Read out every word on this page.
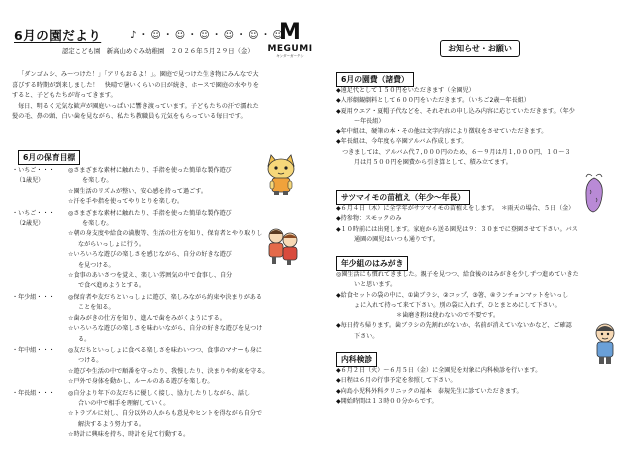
6月の園だより	♪・☺・☺・☺・☺・☺・☺
認定こども園　新高山めぐみ幼稚園　２０２６年５月２９日（金）
M
MEGUMI
キンダーガーテン

「ダンゴムシ、み～つけた！」「アリもおるよ！」。園庭で見つけた生き物にみんなで大

喜びする時期が到来しました！　快晴で暑いくらいの日が続き、ホースで園庭の水やりを

すると、子どもたちが寄ってきます。

毎日、明るく元気な歓声が園庭いっぱいに響き渡っています。子どもたちの汗で濡れた

髪の毛、鼻の頭、白い歯を見ながら、私たち教職員も元気をもらっている毎日です。

6月の保育目標
・いちご・・・	◎さまざまな素材に触れたり、手指を使った簡単な製作遊び
（1歳児）	を楽しむ。
☆園生活のリズムが整い、安心感を持って過ごす。
☆汗を手や指を使ってやりとりを楽しむ。
・いちご・・・	◎さまざまな素材に触れたり、手指を使った簡単な製作遊び
（2歳児）	を楽しむ。
☆朝の身支度や給食の満腹等、生活の仕方を知り、保育者とやり取りし
ながらいっしょに行う。
☆いろいろな遊びの楽しさを感じながら、自分の好きな遊び
を見つける。
☆食事のあいさつを覚え、楽しい雰囲気の中で食事し、自分
で食べ進めようとする。
・年少組・・・	◎保育者や友だちといっしょに遊び、楽しみながら約束や決まりがある
ことを知る。
☆歯みがきの仕方を知り、進んで歯をみがくようにする。
☆いろいろな遊びの楽しさを味わいながら、自分の好きな遊びを見つけ
る。
・年中組・・・	◎友だちといっしょに食べる楽しさを味わいつつ、食事のマナーも身に
つける。
☆遊びや生活の中で順番を守ったり、我慢したり、決まりや約束を守る。
☆戸外で身体を動かし、ルールのある遊びを楽しむ。
・年長組・・・	◎自分より年下の友だちに優しく接し、協力したりしながら、話し
合いの中で相手を理解していく。
☆トラブルに対し、自分以外の人からも意見やヒントを得ながら自分で
解決するよう努力する。
☆時計に興味を持ち、時計を見て行動する。
お知らせ・お願い
6月の園費（諸費）

◆遠足代として１５０円をいただきます（全園児）

◆人形劇観劇料として６００円をいただきます。（いちご2歳～年長組）

◆夏用ウエア・夏帽子代などを、それぞれの申し込み内容に応じていただきます。（年少

～年長組）

◆年中組は、硬筆の本・その他は文字内容により徴収をさせていただきます。

◆年長組は、今年度も卒園アルバム作成します。

　つきましては、アルバム代７,０００円のため、６～９月は月１,０００円、１０～３

月は月５００円を園費から引き算として、積み立てます。

サツマイモの苗植え（年少～年長）

◆６月４日（木）に全学年がサツマイモの苗植えをします。　＊雨天の場合、５日（金）

◆持参物：スモックのみ

◆１０時前には出発します。家庭から送る園児は９：３０までに登園させて下さい。バス

通園の園児はいつも通りです。

年少組のはみがき

◎園生活にも慣れてきました。親子を見つつ、給食後のはみがきを少しずつ進めていきた

いと思います。

◆給食セットの袋の中に、①歯ブラシ、②コップ、③箸、④ランチョンマットをいっし

ょに入れて持って来て下さい。別の袋に入れず、ひとまとめにして下さい。

＊歯磨き粉は使わないので不要です。

◆毎日持ち帰ります。歯ブラシの先割れがないか、名前が消えていないかなど、ご確認

下さい。

内科検診

◆６月２日（火）～６月５日（金）に全園児を対象に内科検診を行います。

◆日程は６月の行事予定を参照して下さい。

◆向島小児科外科クリニックの福本　泰規先生に診ていただきます。

◆開始時間は１３時００分からです。
